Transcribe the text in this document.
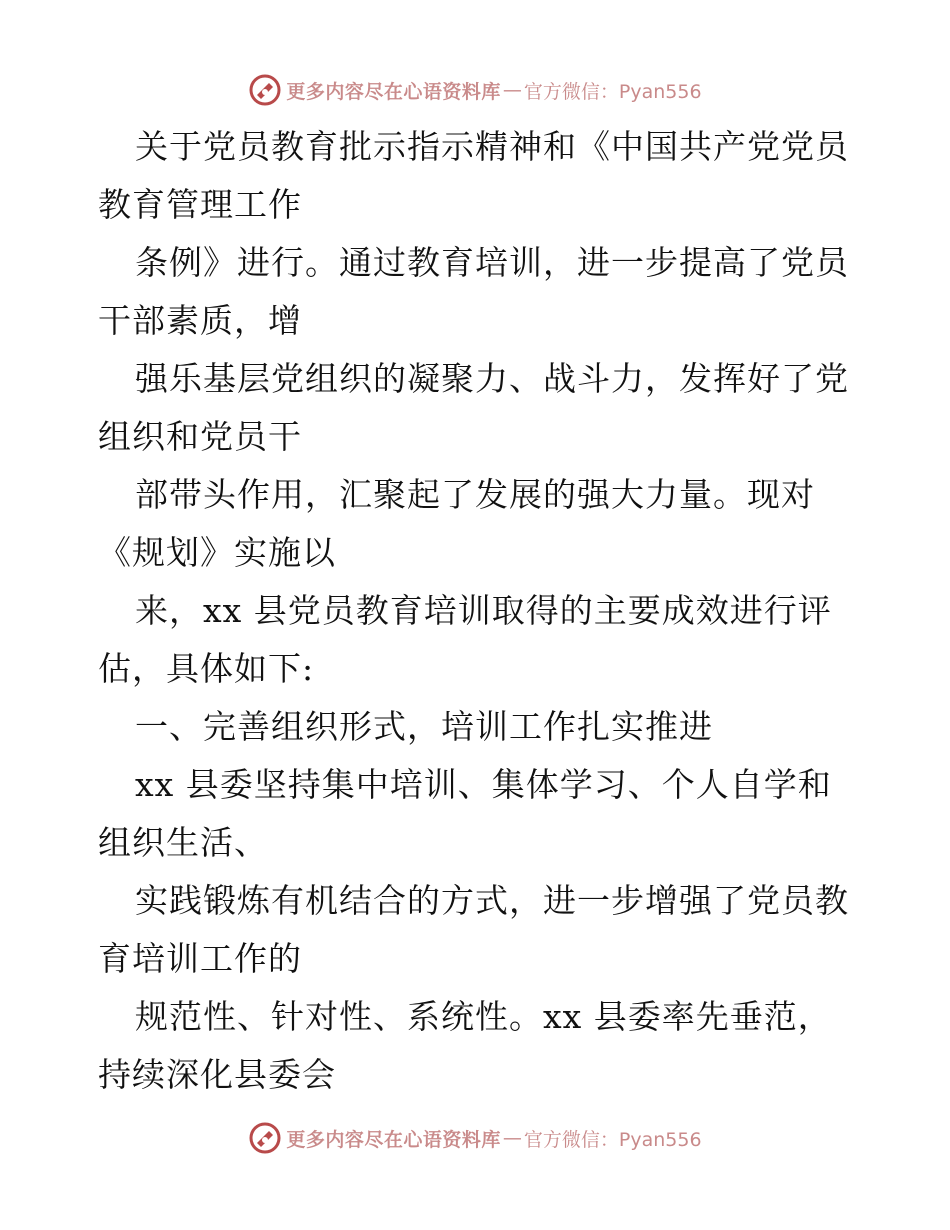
更多内容尽在心语资料库 — 官方微信：Pyan556

关于党员教育批示指示精神和《中国共产党党员
教育管理工作

条例》进行。通过教育培训，进一步提高了党员
干部素质，增

强乐基层党组织的凝聚力、战斗力，发挥好了党
组织和党员干

部带头作用，汇聚起了发展的强大力量。现对
《规划》实施以

来，xx 县党员教育培训取得的主要成效进行评
估，具体如下:

一、完善组织形式，培训工作扎实推进

xx 县委坚持集中培训、集体学习、个人自学和
组织生活、

实践锻炼有机结合的方式，进一步增强了党员教
育培训工作的

规范性、针对性、系统性。xx 县委率先垂范，
持续深化县委会

更多内容尽在心语资料库 — 官方微信：Pyan556
